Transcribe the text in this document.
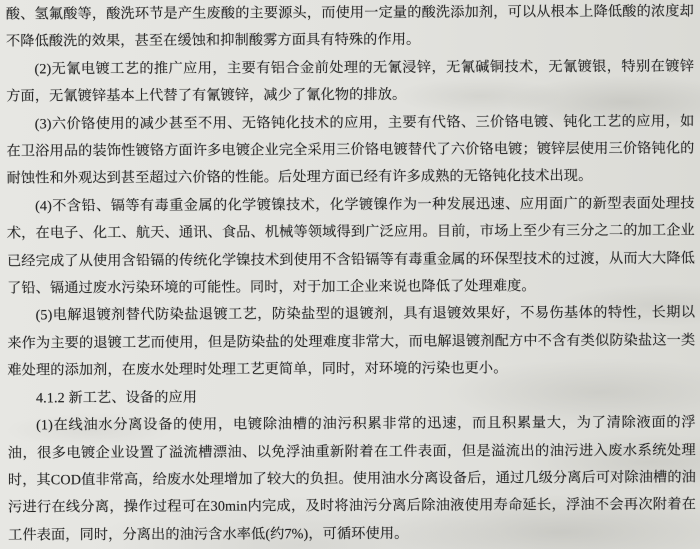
酸、氢氟酸等，酸洗环节是产生废酸的主要源头，而使用一定量的酸洗添加剂，可以从根本上降低酸的浓度却不降低酸洗的效果，甚至在缓蚀和抑制酸雾方面具有特殊的作用。

(2)无氰电镀工艺的推广应用，主要有铝合金前处理的无氰浸锌，无氰碱铜技术，无氰镀银，特别在镀锌方面，无氰镀锌基本上代替了有氰镀锌，减少了氰化物的排放。

(3)六价铬使用的减少甚至不用、无铬钝化技术的应用，主要有代铬、三价铬电镀、钝化工艺的应用，如在卫浴用品的装饰性镀铬方面许多电镀企业完全采用三价铬电镀替代了六价铬电镀；镀锌层使用三价铬钝化的耐蚀性和外观达到甚至超过六价铬的性能。后处理方面已经有许多成熟的无铬钝化技术出现。

(4)不含铅、镉等有毒重金属的化学镀镍技术，化学镀镍作为一种发展迅速、应用面广的新型表面处理技术，在电子、化工、航天、通讯、食品、机械等领域得到广泛应用。目前，市场上至少有三分之二的加工企业已经完成了从使用含铅镉的传统化学镍技术到使用不含铅镉等有毒重金属的环保型技术的过渡，从而大大降低了铅、镉通过废水污染环境的可能性。同时，对于加工企业来说也降低了处理难度。

(5)电解退镀剂替代防染盐退镀工艺，防染盐型的退镀剂，具有退镀效果好，不易伤基体的特性，长期以来作为主要的退镀工艺而使用，但是防染盐的处理难度非常大，而电解退镀剂配方中不含有类似防染盐这一类难处理的添加剂，在废水处理时处理工艺更简单，同时，对环境的污染也更小。

4.1.2 新工艺、设备的应用

(1)在线油水分离设备的使用，电镀除油槽的油污积累非常的迅速，而且积累量大，为了清除液面的浮油，很多电镀企业设置了溢流槽漂油、以免浮油重新附着在工件表面，但是溢流出的油污进入废水系统处理时，其COD值非常高，给废水处理增加了较大的负担。使用油水分离设备后，通过几级分离后可对除油槽的油污进行在线分离，操作过程可在30min内完成，及时将油污分离后除油液使用寿命延长，浮油不会再次附着在工件表面，同时，分离出的油污含水率低(约7%)，可循环使用。
